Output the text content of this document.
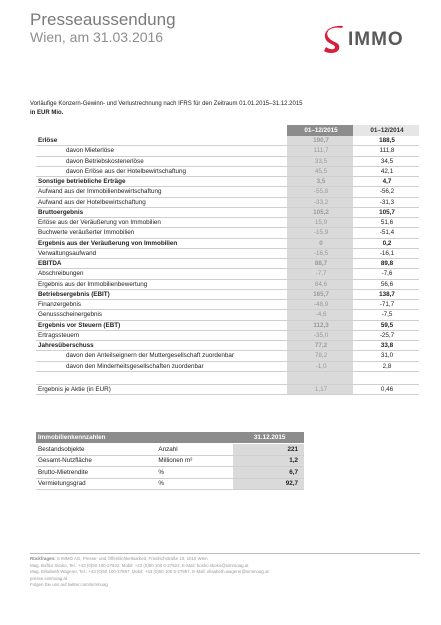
Presseaussendung
Wien, am 31.03.2016	IMMO
Vorläufige Konzern-Gewinn- und Verlustrechnung nach IFRS für den Zeitraum 01.01.2015–31.12.2015
in EUR Mio.
	01–12/2015	01–12/2014
Erlöse	190,7	188,5
davon Mieterlöse	111,7	111,8
davon Betriebskostenerlöse	33,5	34,5
davon Erlöse aus der Hotelbewirtschaftung	45,5	42,1
Sonstige betriebliche Erträge	3,5	4,7
Aufwand aus der Immobilienbewirtschaftung	-55,8	-56,2
Aufwand aus der Hotelbewirtschaftung	-33,2	-31,3
Bruttoergebnis	105,2	105,7
Erlöse aus der Veräußerung von Immobilien	15,9	51,6
Buchwerte veräußerter Immobilien	-15,9	-51,4
Ergebnis aus der Veräußerung von Immobilien	0	0,2
Verwaltungsaufwand	-16,5	-16,1
EBITDA	88,7	89,8
Abschreibungen	-7,7	-7,6
Ergebnis aus der Immobilienbewertung	84,6	56,6
Betriebsergebnis (EBIT)	165,7	138,7
Finanzergebnis	-48,9	-71,7
Genussscheinergebnis	-4,6	-7,5
Ergebnis vor Steuern (EBT)	112,3	59,5
Ertragssteuern	-35,0	-25,7
Jahresüberschuss	77,2	33,8
davon den Anteilseignern der Muttergesellschaft zuordenbar	78,2	31,0
davon den Minderheitsgesellschaften zuordenbar	-1,0	2,8

Ergebnis je Aktie (in EUR)	1,17	0,46
Immobilienkennzahlen		31.12.2015
Bestandsobjekte	Anzahl	221
Gesamt-Nutzfläche	Millionen m²	1,2
Brutto-Mietrendite	%	6,7
Vermietungsgrad	%	92,7
Rückfragen: S IMMO AG, Presse- und Öffentlichkeitsarbeit, Friedrichstraße 10, 1010 Wien
Mag. Boško Skoko, Tel.: +43 (0)50 100-27522, Mobil: +43 (0)50 100 6-27522, E-Mail: bosko.skoko@simmoag.at
Mag. Elisabeth Wagerer, Tel.: +43 (0)50 100-27867, Mobil: +43 (0)50 100 6-27867, E-Mail: elisabeth.wagerer@simmoag.at
presse.simmoag.at
Folgen Sie uns auf twitter.com/simmoag
